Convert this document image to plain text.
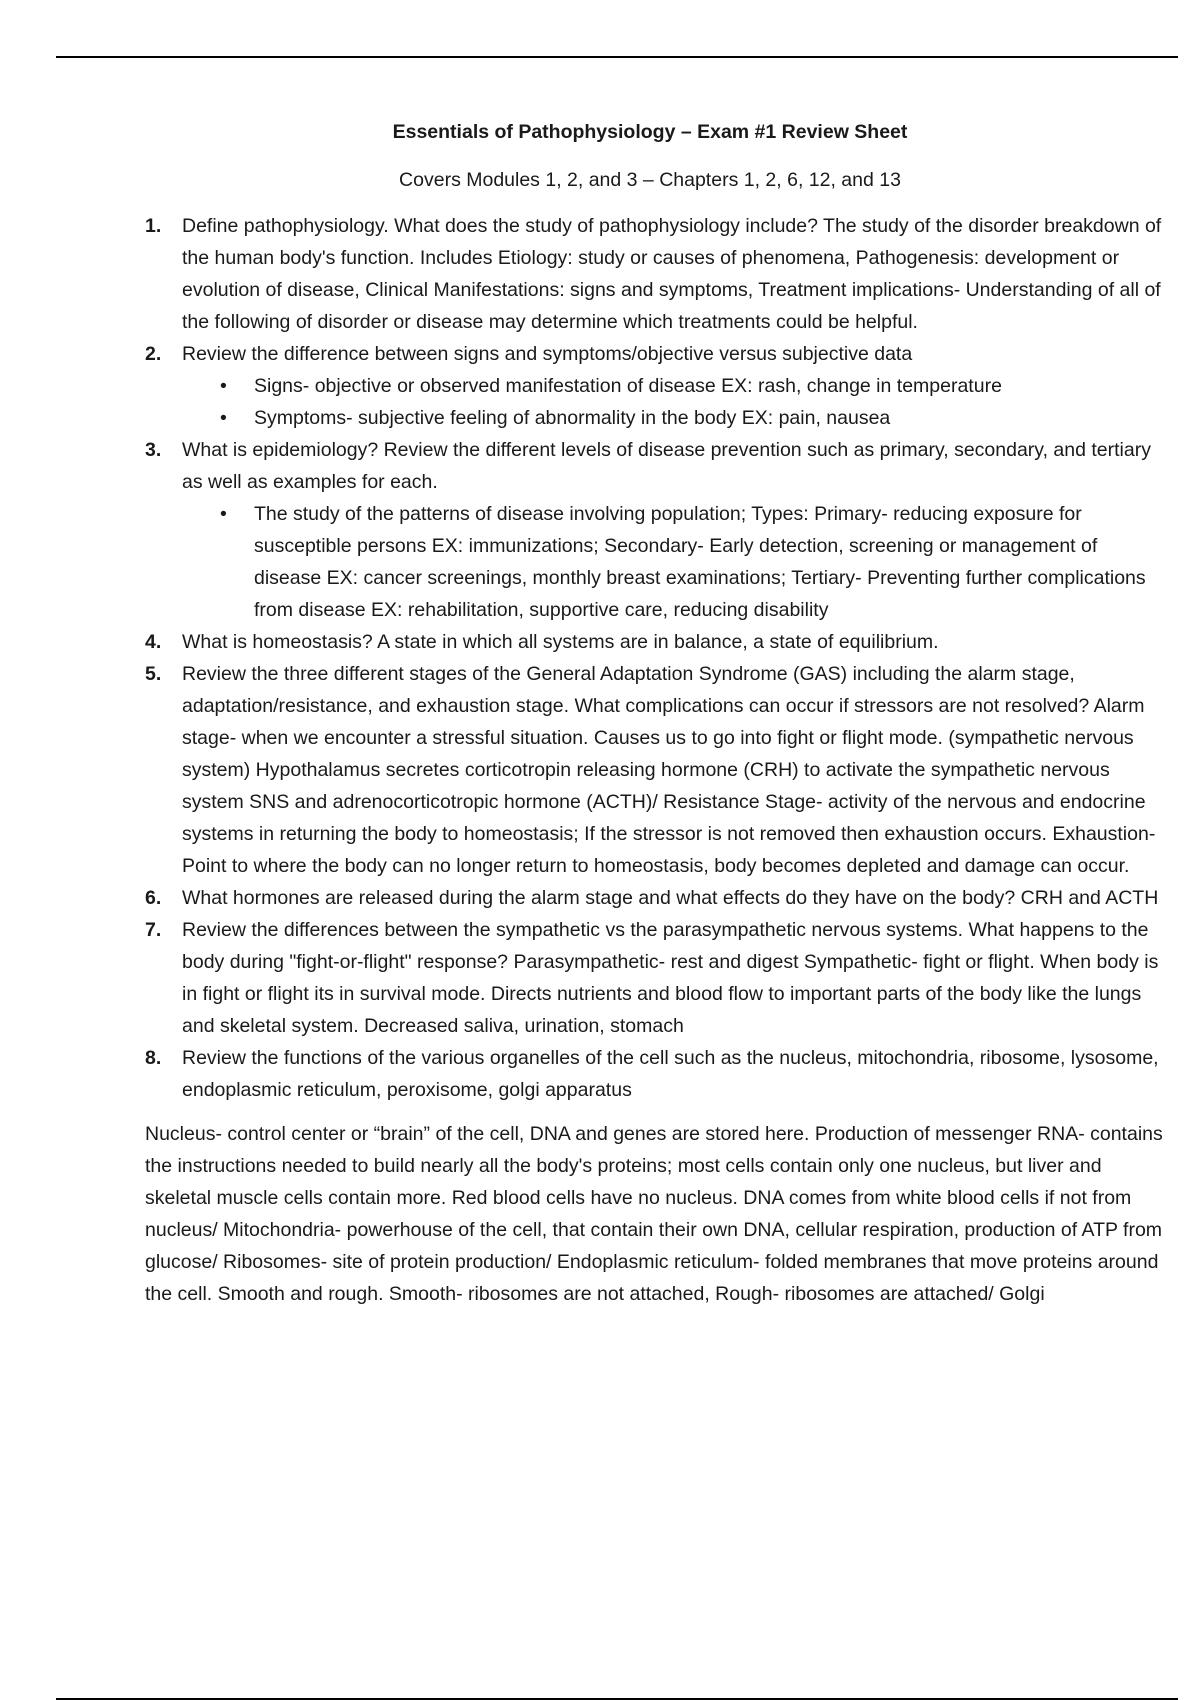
Essentials of Pathophysiology – Exam #1 Review Sheet
Covers Modules 1, 2, and 3 – Chapters 1, 2, 6, 12, and 13
1. Define pathophysiology. What does the study of pathophysiology include? The study of the disorder breakdown of the human body's function. Includes Etiology: study or causes of phenomena, Pathogenesis: development or evolution of disease, Clinical Manifestations: signs and symptoms, Treatment implications- Understanding of all of the following of disorder or disease may determine which treatments could be helpful.
2. Review the difference between signs and symptoms/objective versus subjective data
• Signs- objective or observed manifestation of disease EX: rash, change in temperature
• Symptoms- subjective feeling of abnormality in the body EX: pain, nausea
3. What is epidemiology? Review the different levels of disease prevention such as primary, secondary, and tertiary as well as examples for each.
• The study of the patterns of disease involving population; Types: Primary- reducing exposure for susceptible persons EX: immunizations; Secondary- Early detection, screening or management of disease EX: cancer screenings, monthly breast examinations; Tertiary- Preventing further complications from disease EX: rehabilitation, supportive care, reducing disability
4. What is homeostasis? A state in which all systems are in balance, a state of equilibrium.
5. Review the three different stages of the General Adaptation Syndrome (GAS) including the alarm stage, adaptation/resistance, and exhaustion stage. What complications can occur if stressors are not resolved? Alarm stage- when we encounter a stressful situation. Causes us to go into fight or flight mode. (sympathetic nervous system) Hypothalamus secretes corticotropin releasing hormone (CRH) to activate the sympathetic nervous system SNS and adrenocorticotropic hormone (ACTH)/ Resistance Stage- activity of the nervous and endocrine systems in returning the body to homeostasis; If the stressor is not removed then exhaustion occurs. Exhaustion- Point to where the body can no longer return to homeostasis, body becomes depleted and damage can occur.
6. What hormones are released during the alarm stage and what effects do they have on the body? CRH and ACTH
7. Review the differences between the sympathetic vs the parasympathetic nervous systems. What happens to the body during "fight-or-flight" response? Parasympathetic- rest and digest Sympathetic- fight or flight. When body is in fight or flight its in survival mode. Directs nutrients and blood flow to important parts of the body like the lungs and skeletal system. Decreased saliva, urination, stomach
8. Review the functions of the various organelles of the cell such as the nucleus, mitochondria, ribosome, lysosome, endoplasmic reticulum, peroxisome, golgi apparatus

Nucleus- control center or “brain” of the cell, DNA and genes are stored here. Production of messenger RNA- contains the instructions needed to build nearly all the body's proteins; most cells contain only one nucleus, but liver and skeletal muscle cells contain more. Red blood cells have no nucleus. DNA comes from white blood cells if not from nucleus/ Mitochondria- powerhouse of the cell, that contain their own DNA, cellular respiration, production of ATP from glucose/ Ribosomes- site of protein production/ Endoplasmic reticulum- folded membranes that move proteins around the cell. Smooth and rough. Smooth- ribosomes are not attached, Rough- ribosomes are attached/ Golgi
